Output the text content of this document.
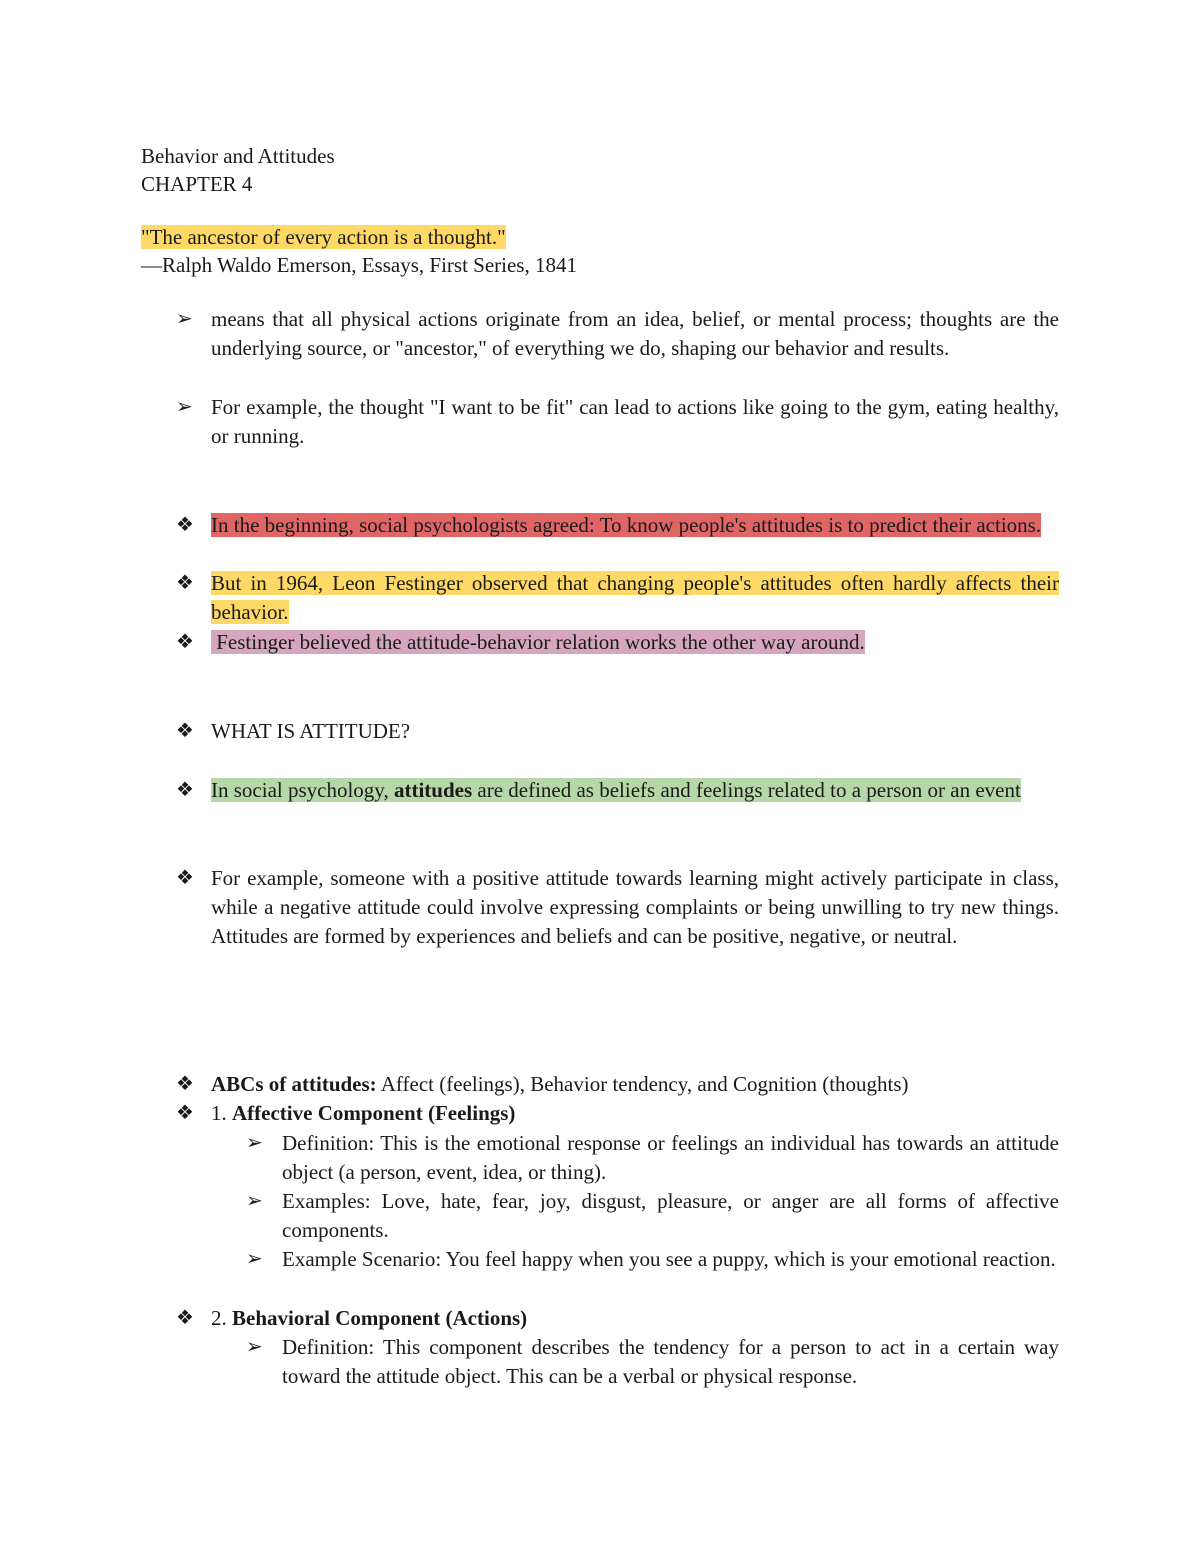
Behavior and Attitudes
CHAPTER 4
"The ancestor of every action is a thought."
—Ralph Waldo Emerson, Essays, First Series, 1841
➢ means that all physical actions originate from an idea, belief, or mental process; thoughts are the underlying source, or "ancestor," of everything we do, shaping our behavior and results.
➢ For example, the thought "I want to be fit" can lead to actions like going to the gym, eating healthy, or running.
❖ In the beginning, social psychologists agreed: To know people's attitudes is to predict their actions.
❖ But in 1964, Leon Festinger observed that changing people's attitudes often hardly affects their behavior.
❖ Festinger believed the attitude-behavior relation works the other way around.
❖ WHAT IS ATTITUDE?
❖ In social psychology, attitudes are defined as beliefs and feelings related to a person or an event
❖ For example, someone with a positive attitude towards learning might actively participate in class, while a negative attitude could involve expressing complaints or being unwilling to try new things. Attitudes are formed by experiences and beliefs and can be positive, negative, or neutral.
❖ ABCs of attitudes: Affect (feelings), Behavior tendency, and Cognition (thoughts)
❖ 1. Affective Component (Feelings)
➢ Definition: This is the emotional response or feelings an individual has towards an attitude object (a person, event, idea, or thing).
➢ Examples: Love, hate, fear, joy, disgust, pleasure, or anger are all forms of affective components.
➢ Example Scenario: You feel happy when you see a puppy, which is your emotional reaction.
❖ 2. Behavioral Component (Actions)
➢ Definition: This component describes the tendency for a person to act in a certain way toward the attitude object. This can be a verbal or physical response.
